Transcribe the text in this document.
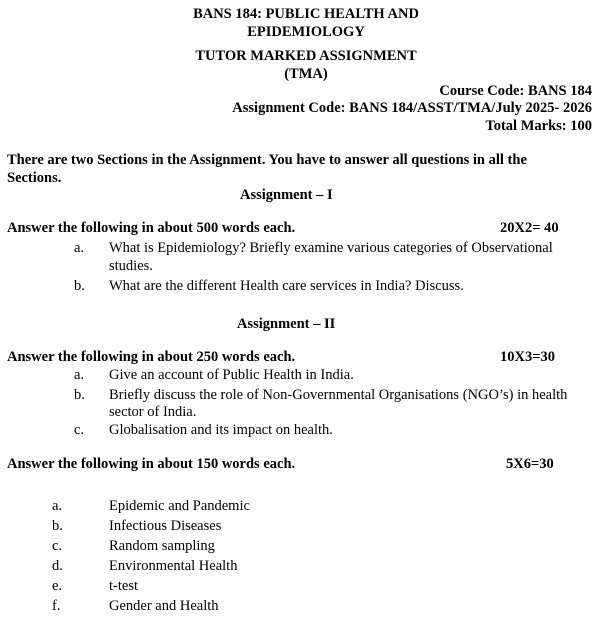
BANS 184: PUBLIC HEALTH AND
EPIDEMIOLOGY
TUTOR MARKED ASSIGNMENT
(TMA)
Course Code: BANS 184
Assignment Code: BANS 184/ASST/TMA/July 2025- 2026
Total Marks: 100
There are two Sections in the Assignment. You have to answer all questions in all the
Sections.
Assignment – I
Answer the following in about 500 words each.	20X2= 40
a. What is Epidemiology? Briefly examine various categories of Observational
studies.
b. What are the different Health care services in India? Discuss.
Assignment – II
Answer the following in about 250 words each.	10X3=30
a. Give an account of Public Health in India.
b. Briefly discuss the role of Non-Governmental Organisations (NGO’s) in health
sector of India.
c. Globalisation and its impact on health.
Answer the following in about 150 words each.	5X6=30
a.	Epidemic and Pandemic
b.	Infectious Diseases
c.	Random sampling
d.	Environmental Health
e.	t-test
f.	Gender and Health
